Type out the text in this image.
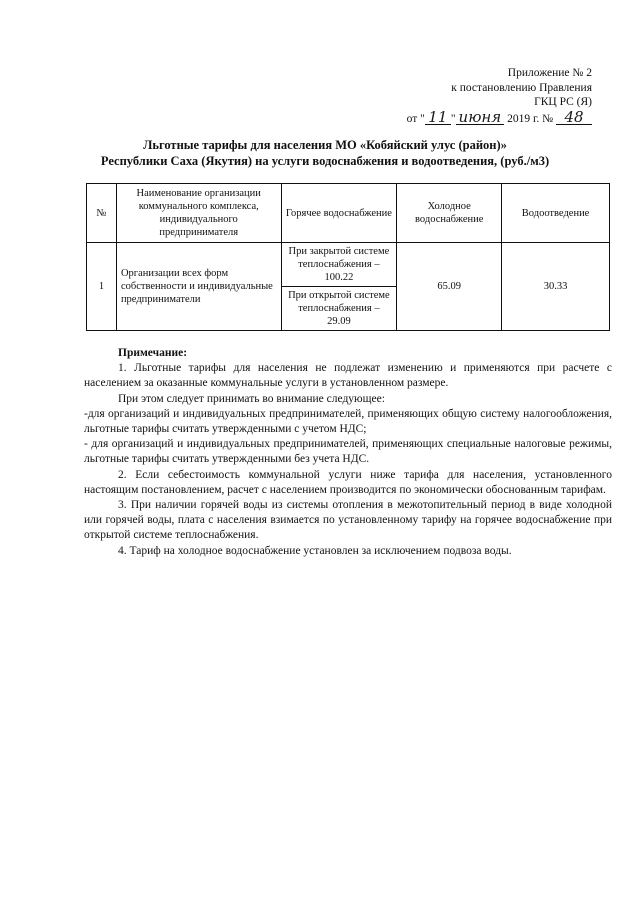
Приложение № 2
к постановлению Правления
ГКЦ РС (Я)
от " 11 " июня 2019 г. № 48
Льготные тарифы для населения МО «Кобяйский улус (район)»
Республики Саха (Якутия) на услуги водоснабжения и водоотведения, (руб./м3)
№	Наименование организации коммунального комплекса, индивидуального предпринимателя	Горячее водоснабжение	Холодное водоснабжение	Водоотведение
1	Организации всех форм собственности и индивидуальные предприниматели	При закрытой системе теплоснабжения – 100.22	65.09	30.33
		При открытой системе теплоснабжения – 29.09		
Примечание:

1. Льготные тарифы для населения не подлежат изменению и применяются при расчете с населением за оказанные коммунальные услуги в установленном размере.

При этом следует принимать во внимание следующее:

-для организаций и индивидуальных предпринимателей, применяющих общую систему налогообложения, льготные тарифы считать утвержденными с учетом НДС;

- для организаций и индивидуальных предпринимателей, применяющих специальные налоговые режимы, льготные тарифы считать утвержденными без учета НДС.

2. Если себестоимость коммунальной услуги ниже тарифа для населения, установленного настоящим постановлением, расчет с населением производится по экономически обоснованным тарифам.

3. При наличии горячей воды из системы отопления в межотопительный период в виде холодной или горячей воды, плата с населения взимается по установленному тарифу на горячее водоснабжение при открытой системе теплоснабжения.

4. Тариф на холодное водоснабжение установлен за исключением подвоза воды.
